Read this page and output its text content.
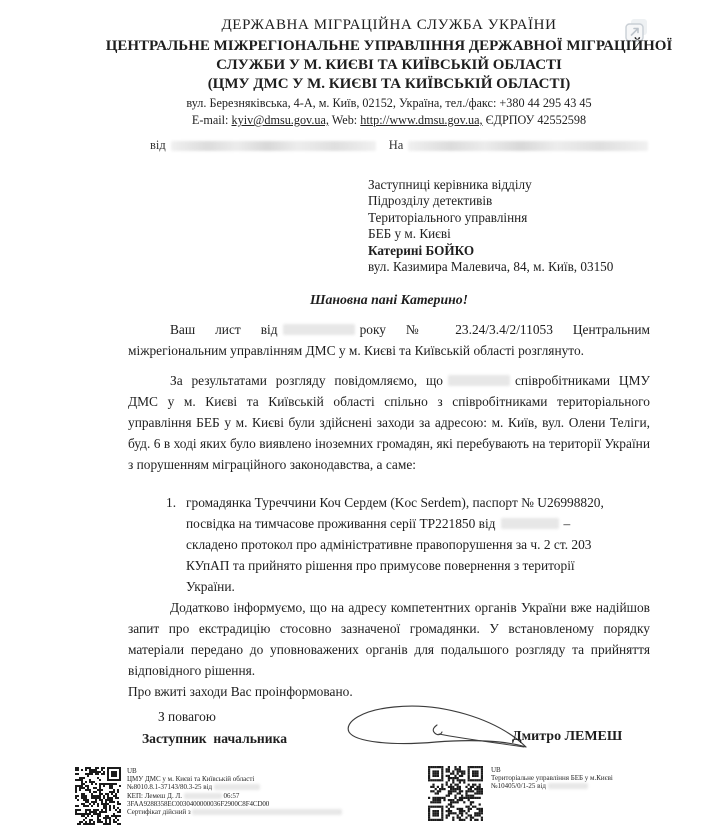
ДЕРЖАВНА МІГРАЦІЙНА СЛУЖБА УКРАЇНИ
ЦЕНТРАЛЬНЕ МІЖРЕГІОНАЛЬНЕ УПРАВЛІННЯ ДЕРЖАВНОЇ МІГРАЦІЙНОЇ СЛУЖБИ У М. КИЄВІ ТА КИЇВСЬКІЙ ОБЛАСТІ
(ЦМУ ДМС У М. КИЄВІ ТА КИЇВСЬКІЙ ОБЛАСТІ)
вул. Березняківська, 4-А, м. Київ, 02152, Україна, тел./факс: +380 44 295 43 45
E-mail: kyiv@dmsu.gov.ua, Web: http://www.dmsu.gov.ua, ЄДРПОУ 42552598
від	На
Заступниці керівника відділу
Підрозділу детективів
Територіального управління
БЕБ у м. Києві
Катерині БОЙКО
вул. Казимира Малевича, 84, м. Київ, 03150
Шановна пані Катерино!

Ваш лист від	року № 23.24/3.4/2/11053 Центральним міжрегіональним управлінням ДМС у м. Києві та Київській області розглянуто.

За результатами розгляду повідомляємо, що	співробітниками ЦМУ ДМС у м. Києві та Київській області спільно з співробітниками територіального управління БЕБ у м. Києві були здійснені заходи за адресою: м. Київ, вул. Олени Теліги, буд. 6 в ході яких було виявлено іноземних громадян, які перебувають на території України з порушенням міграційного законодавства, а саме:

1. громадянка Туреччини Коч Сердем (Koc Serdem), паспорт № U26998820, посвідка на тимчасове проживання серії ТР221850 від	– складено протокол про адміністративне правопорушення за ч. 2 ст. 203 КУпАП та прийнято рішення про примусове повернення з території України.

Додатково інформуємо, що на адресу компетентних органів України вже надійшов запит про екстрадицію стосовно зазначеної громадянки. У встановленому порядку матеріали передано до уповноважених органів для подальшого розгляду та прийняття відповідного рішення.

Про вжиті заходи Вас проінформовано.
З повагою
Заступник  начальника	Дмитро ЛЕМЕШ
UB
ЦМУ ДМС у м. Києві та Київській області
№8010.8.1-37143/80.3-25 від
КЕП: Лемеш Д. Л.	06:57
3FAA9288358EC0030400000036F2900C8F4CD00
Сертифікат дійсний з
UB
Територіальне управління БЕБ у м.Києві
№10405/0/1-25 від
